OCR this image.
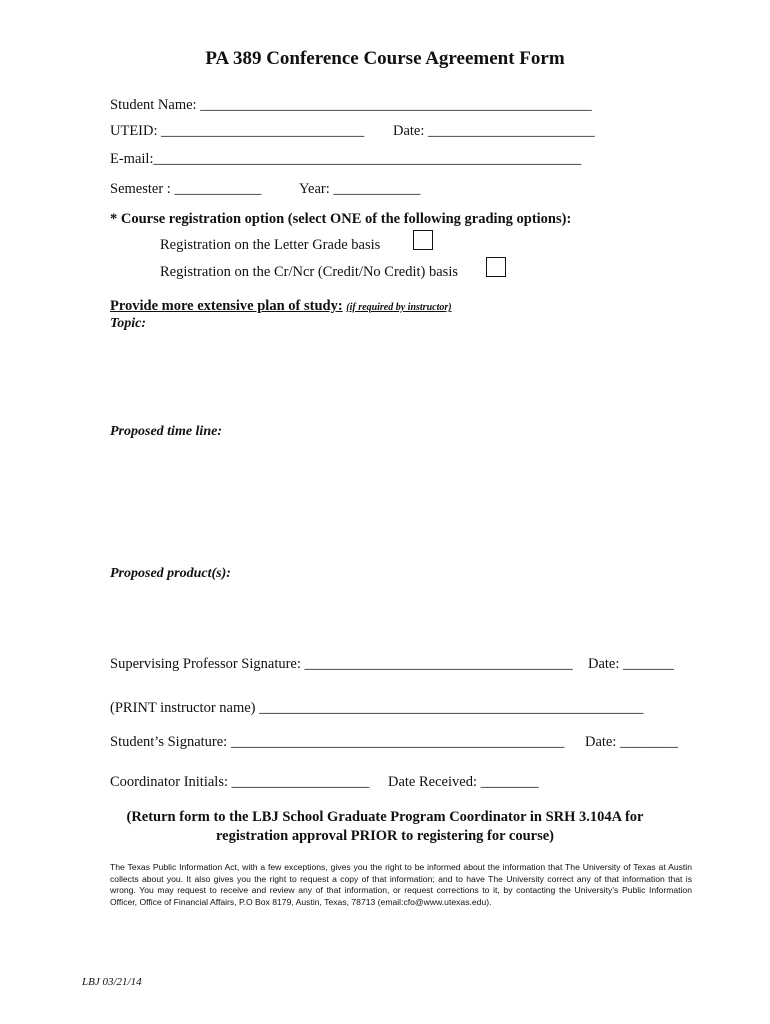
PA 389 Conference Course Agreement Form
Student Name: ______________________________________________________
UTEID: ____________________________ Date: _______________________
E-mail:___________________________________________________________
Semester : ____________	Year: ____________
* Course registration option (select ONE of the following grading options):
Registration on the Letter Grade basis
Registration on the Cr/Ncr (Credit/No Credit) basis
Provide more extensive plan of study: (if required by instructor)
Topic:
Proposed time line:
Proposed product(s):
Supervising Professor Signature: _____________________________________ Date: _______
(PRINT instructor name) _____________________________________________________
Student’s Signature: ______________________________________________ Date: ________
Coordinator Initials: ___________________ Date Received: ________
(Return form to the LBJ School Graduate Program Coordinator in SRH 3.104A for
registration approval PRIOR to registering for course)
The Texas Public Information Act, with a few exceptions, gives you the right to be informed about the information that The University of Texas at Austin collects about you. It also gives you the right to request a copy of that information; and to have The University correct any of that information that is wrong. You may request to receive and review any of that information, or request corrections to it, by contacting the University’s Public Information Officer, Office of Financial Affairs, P.O Box 8179, Austin, Texas, 78713 (email:cfo@www.utexas.edu).
LBJ 03/21/14
